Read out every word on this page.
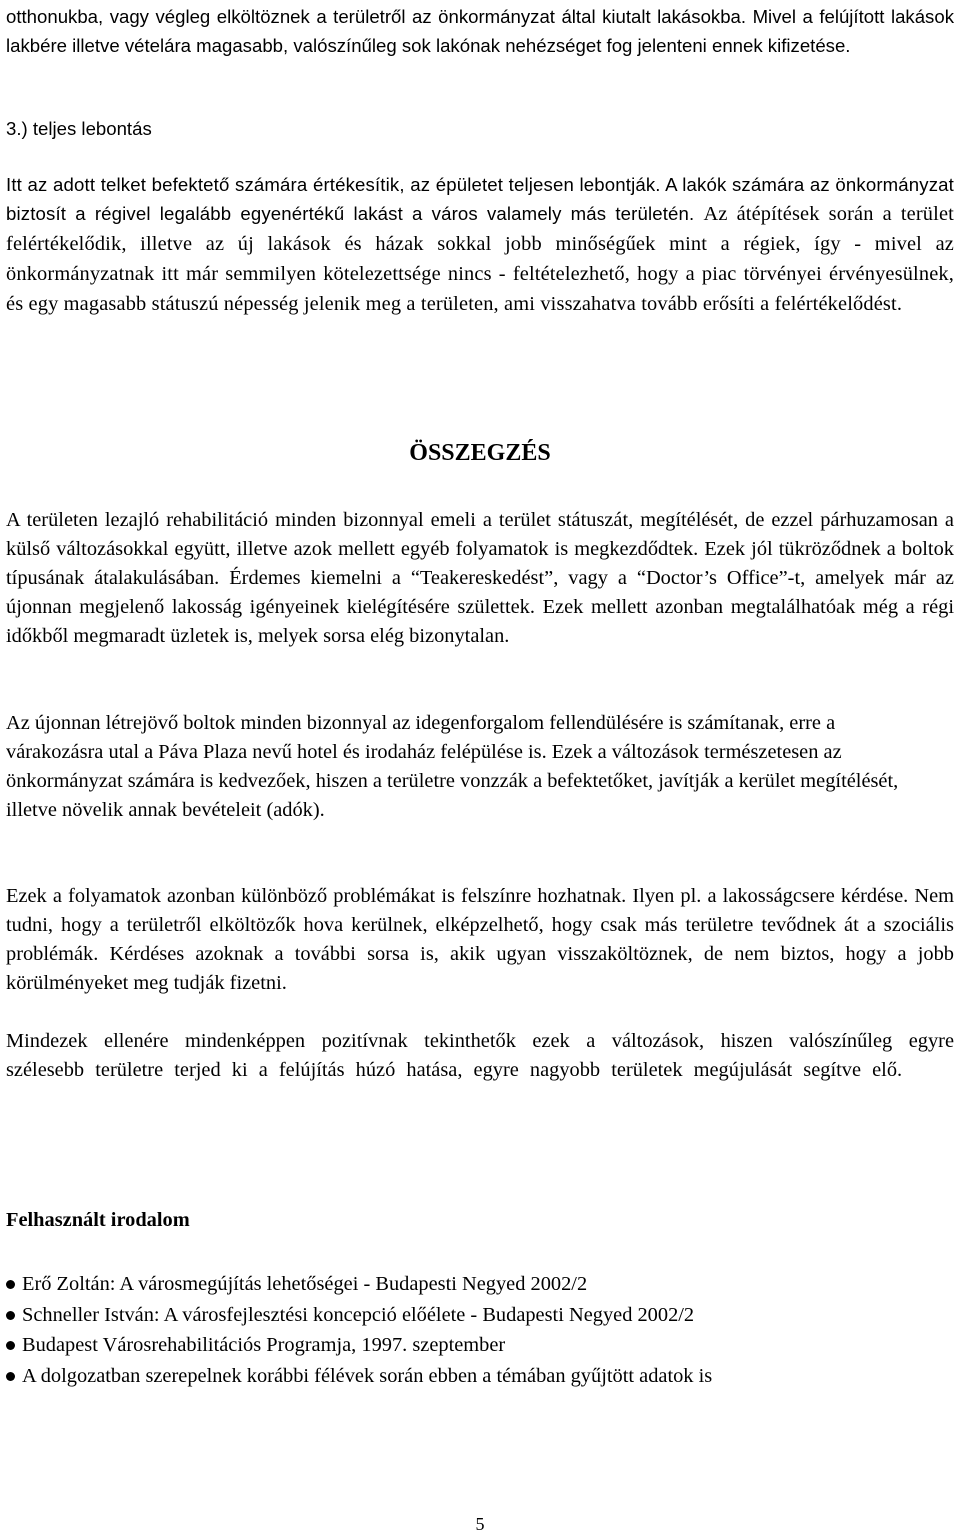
otthonukba, vagy végleg elköltöznek a területről az önkormányzat által kiutalt lakásokba. Mivel a felújított lakások lakbére illetve vételára magasabb, valószínűleg sok lakónak nehézséget fog jelenteni ennek kifizetése.

3.) teljes lebontás

Itt az adott telket befektető számára értékesítik, az épületet teljesen lebontják. A lakók számára az önkormányzat biztosít a régivel legalább egyenértékű lakást a város valamely más területén. Az átépítések során a terület felértékelődik, illetve az új lakások és házak sokkal jobb minőségűek mint a régiek, így - mivel az önkormányzatnak itt már semmilyen kötelezettsége nincs - feltételezhető, hogy a piac törvényei érvényesülnek, és egy magasabb státuszú népesség jelenik meg a területen, ami visszahatva tovább erősíti a felértékelődést.

ÖSSZEGZÉS

A területen lezajló rehabilitáció minden bizonnyal emeli a terület státuszát, megítélését, de ezzel párhuzamosan a külső változásokkal együtt, illetve azok mellett egyéb folyamatok is megkezdődtek. Ezek jól tükröződnek a boltok típusának átalakulásában. Érdemes kiemelni a “Teakereskedést”, vagy a “Doctor’s Office”-t, amelyek már az újonnan megjelenő lakosság igényeinek kielégítésére születtek. Ezek mellett azonban megtalálhatóak még a régi időkből megmaradt üzletek is, melyek sorsa elég bizonytalan.

Az újonnan létrejövő boltok minden bizonnyal az idegenforgalom fellendülésére is számítanak, erre a várakozásra utal a Páva Plaza nevű hotel és irodaház felépülése is. Ezek a változások természetesen az önkormányzat számára is kedvezőek, hiszen a területre vonzzák a befektetőket, javítják a kerület megítélését, illetve növelik annak bevételeit (adók).

Ezek a folyamatok azonban különböző problémákat is felszínre hozhatnak. Ilyen pl. a lakosságcsere kérdése. Nem tudni, hogy a területről elköltözők hova kerülnek, elképzelhető, hogy csak más területre tevődnek át a szociális problémák. Kérdéses azoknak a további sorsa is, akik ugyan visszaköltöznek, de nem biztos, hogy a jobb körülményeket meg tudják fizetni.

Mindezek ellenére mindenképpen pozitívnak tekinthetők ezek a változások, hiszen valószínűleg egyre szélesebb területre terjed ki a felújítás húzó hatása, egyre nagyobb területek megújulását segítve elő.

Felhasznált irodalom
Erő Zoltán: A városmegújítás lehetőségei - Budapesti Negyed 2002/2
Schneller István: A városfejlesztési koncepció előélete - Budapesti Negyed 2002/2
Budapest Városrehabilitációs Programja, 1997. szeptember
A dolgozatban szerepelnek korábbi félévek során ebben a témában gyűjtött adatok is
5
